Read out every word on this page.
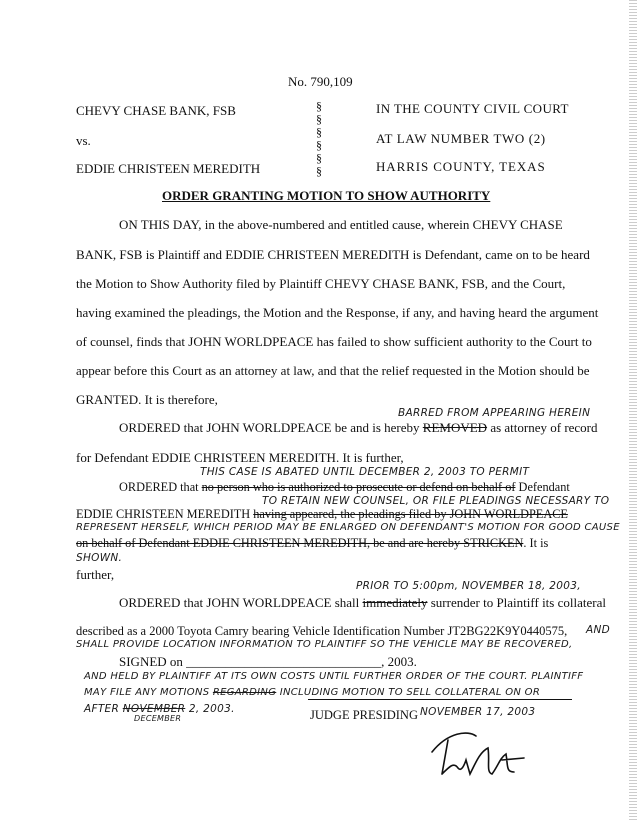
No. 790,109
CHEVY CHASE BANK, FSB
vs.
EDDIE CHRISTEEN MEREDITH
§
§
§
§
§
§
IN THE COUNTY CIVIL COURT
AT LAW NUMBER TWO (2)
HARRIS COUNTY, TEXAS
ORDER GRANTING MOTION TO SHOW AUTHORITY
ON THIS DAY, in the above-numbered and entitled cause, wherein CHEVY CHASE
BANK, FSB is Plaintiff and EDDIE CHRISTEEN MEREDITH is Defendant, came on to be heard
the Motion to Show Authority filed by Plaintiff CHEVY CHASE BANK, FSB, and the Court,
having examined the pleadings, the Motion and the Response, if any, and having heard the argument
of counsel, finds that JOHN WORLDPEACE has failed to show sufficient authority to the Court to
appear before this Court as an attorney at law, and that the relief requested in the Motion should be
GRANTED. It is therefore,
BARRED FROM APPEARING HEREIN
ORDERED that JOHN WORLDPEACE be and is hereby REMOVED as attorney of record
for Defendant EDDIE CHRISTEEN MEREDITH. It is further,
THIS CASE IS ABATED UNTIL DECEMBER 2, 2003 TO PERMIT
ORDERED that no person who is authorized to prosecute or defend on behalf of Defendant
TO RETAIN NEW COUNSEL, OR FILE PLEADINGS NECESSARY TO
EDDIE CHRISTEEN MEREDITH having appeared, the pleadings filed by JOHN WORLDPEACE
REPRESENT HERSELF, WHICH PERIOD MAY BE ENLARGED ON DEFENDANT'S MOTION FOR GOOD CAUSE
on behalf of Defendant EDDIE CHRISTEEN MEREDITH, be and are hereby STRICKEN. It is
SHOWN.
further,
PRIOR TO 5:00pm, NOVEMBER 18, 2003,
ORDERED that JOHN WORLDPEACE shall immediately surrender to Plaintiff its collateral
described as a 2000 Toyota Camry bearing Vehicle Identification Number JT2BG22K9Y0440575, AND
SHALL PROVIDE LOCATION INFORMATION TO PLAINTIFF SO THE VEHICLE MAY BE RECOVERED,
SIGNED on ______________________________, 2003.
AND HELD BY PLAINTIFF AT ITS OWN COSTS UNTIL FURTHER ORDER OF THE COURT. PLAINTIFF
MAY FILE ANY MOTIONS REGARDING INCLUDING MOTION TO SELL COLLATERAL ON OR
AFTER NOVEMBER 2, 2003.
DECEMBER	JUDGE PRESIDING NOVEMBER 17, 2003
